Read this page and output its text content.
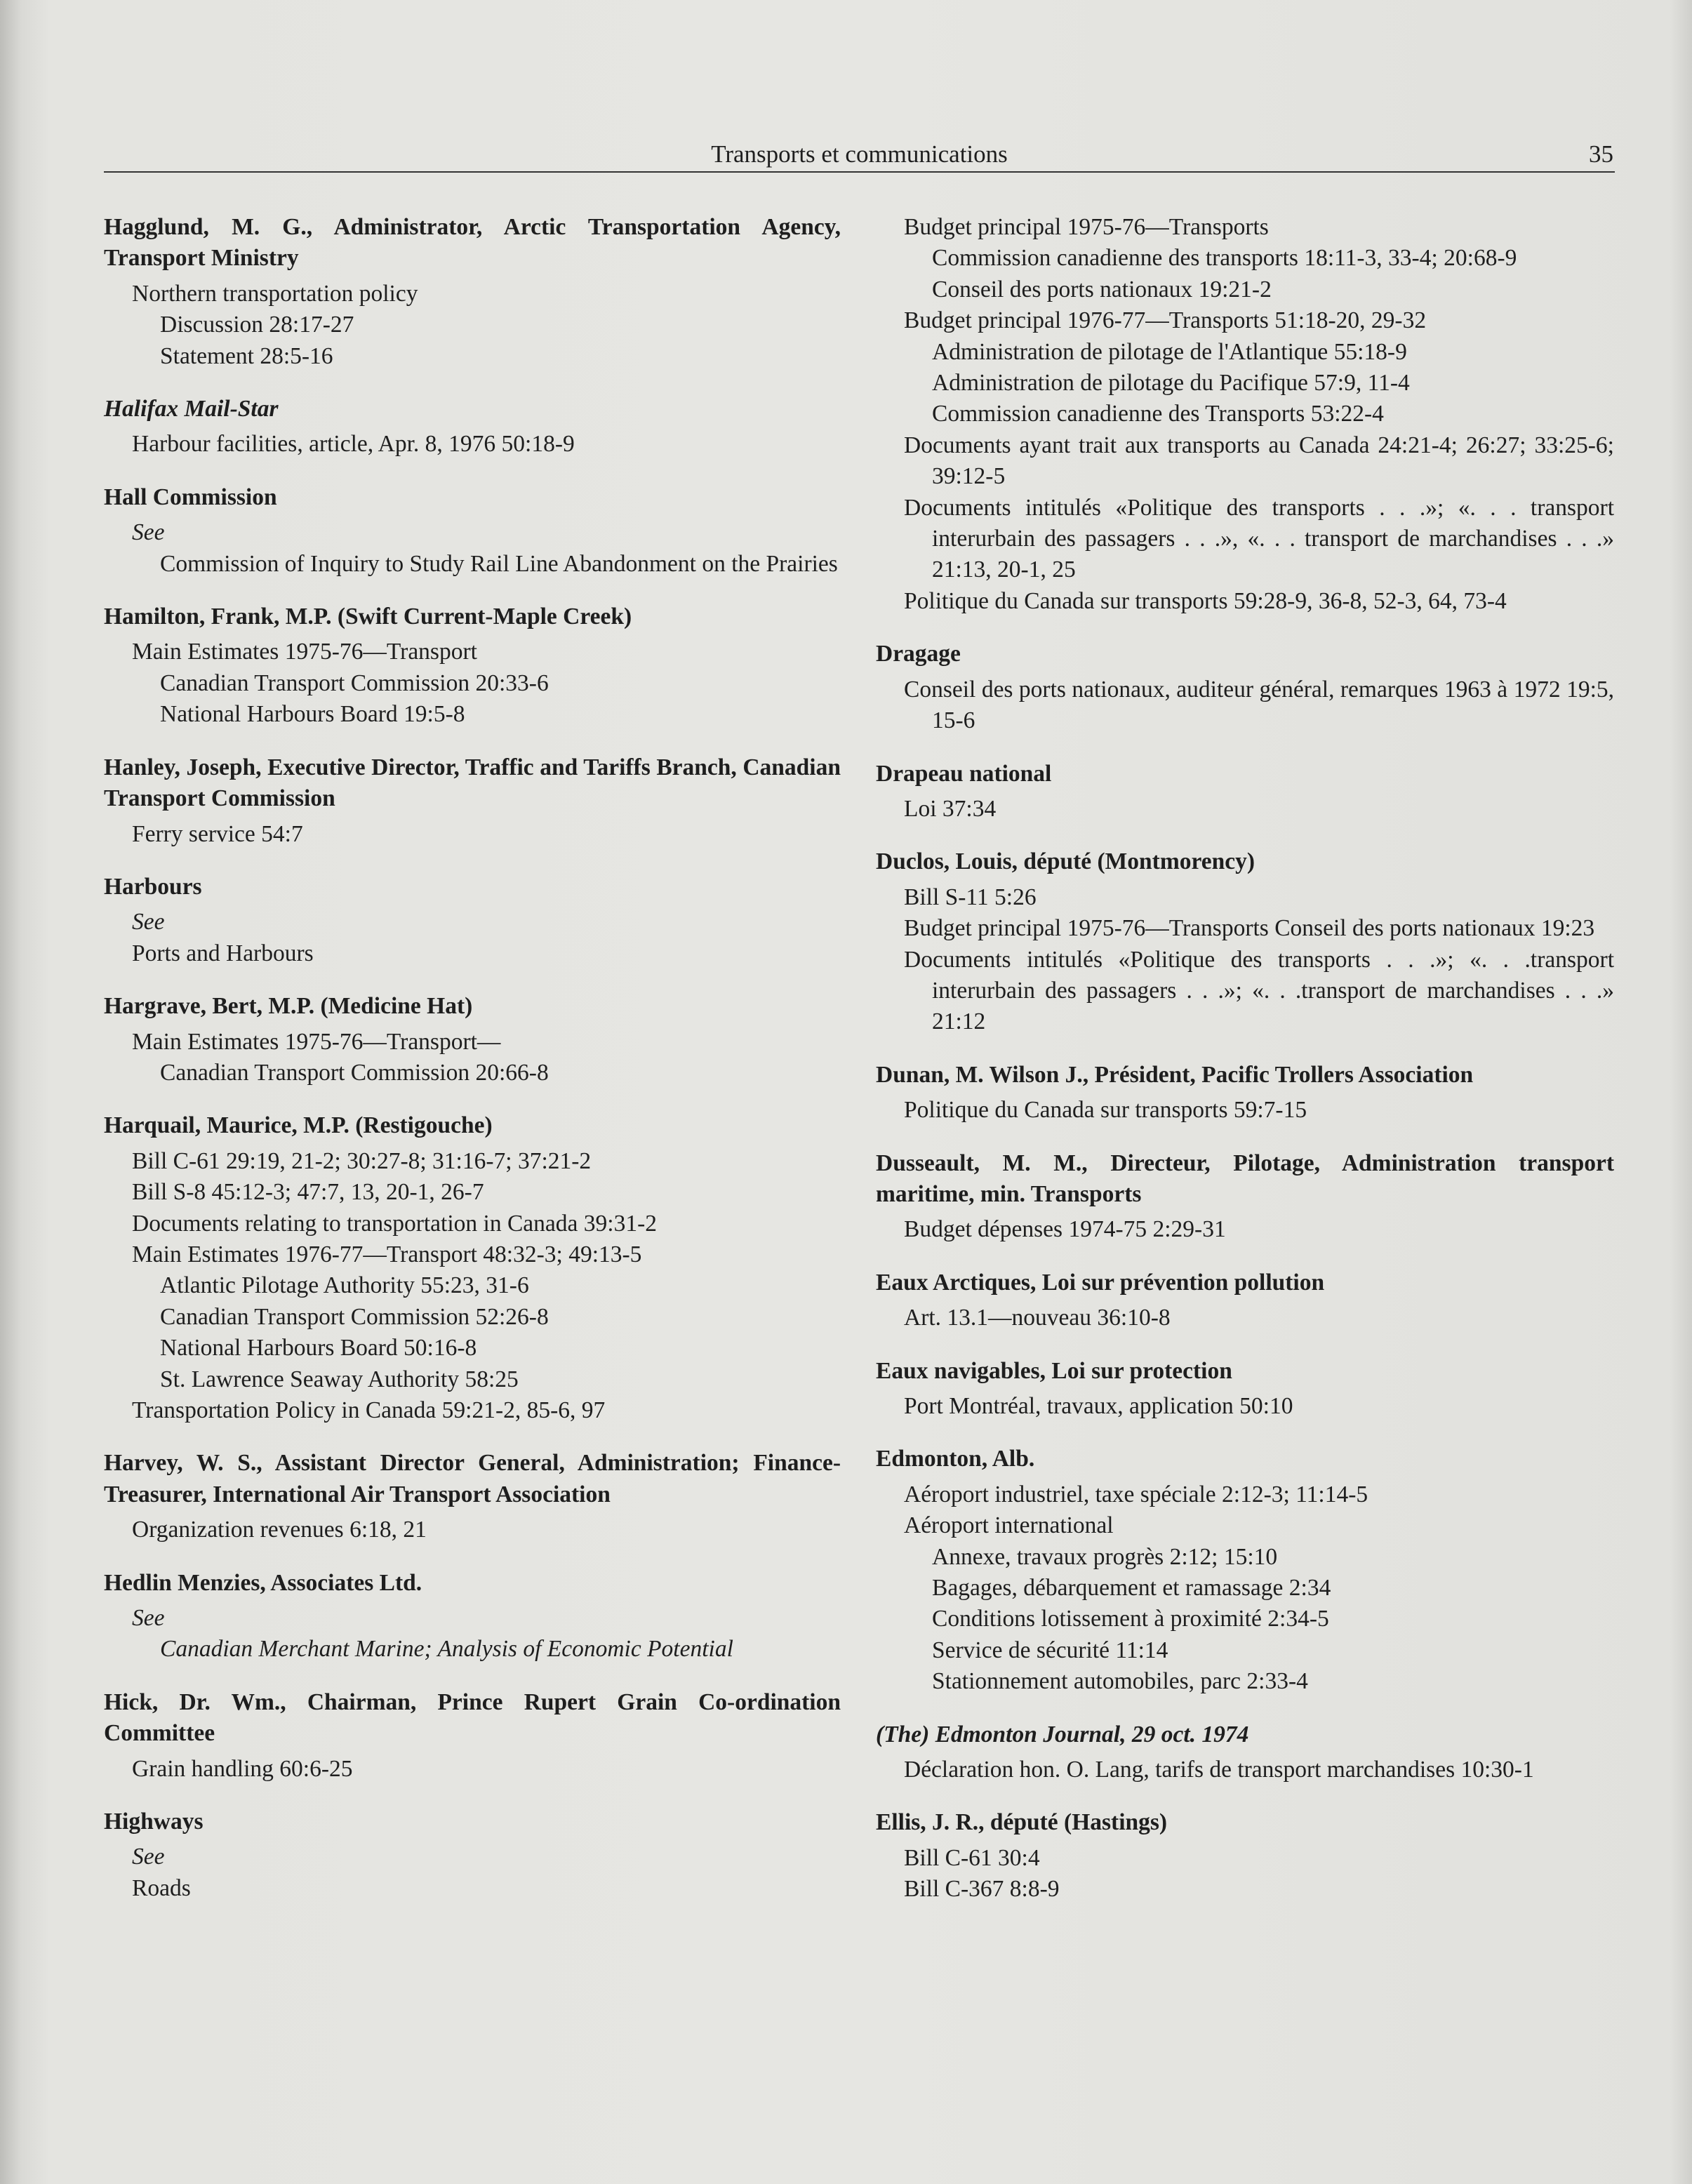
Transports et communications	35
Hagglund, M. G., Administrator, Arctic Transportation Agency, Transport Ministry
Northern transportation policy
Discussion 28:17-27
Statement 28:5-16
Halifax Mail-Star
Harbour facilities, article, Apr. 8, 1976 50:18-9
Hall Commission
See
Commission of Inquiry to Study Rail Line Abandonment on the Prairies
Hamilton, Frank, M.P. (Swift Current-Maple Creek)
Main Estimates 1975-76—Transport
Canadian Transport Commission 20:33-6
National Harbours Board 19:5-8
Hanley, Joseph, Executive Director, Traffic and Tariffs Branch, Canadian Transport Commission
Ferry service 54:7
Harbours
See
Ports and Harbours
Hargrave, Bert, M.P. (Medicine Hat)
Main Estimates 1975-76—Transport—
Canadian Transport Commission 20:66-8
Harquail, Maurice, M.P. (Restigouche)
Bill C-61 29:19, 21-2; 30:27-8; 31:16-7; 37:21-2
Bill S-8 45:12-3; 47:7, 13, 20-1, 26-7
Documents relating to transportation in Canada 39:31-2
Main Estimates 1976-77—Transport 48:32-3; 49:13-5
Atlantic Pilotage Authority 55:23, 31-6
Canadian Transport Commission 52:26-8
National Harbours Board 50:16-8
St. Lawrence Seaway Authority 58:25
Transportation Policy in Canada 59:21-2, 85-6, 97
Harvey, W. S., Assistant Director General, Administration; Finance-Treasurer, International Air Transport Association
Organization revenues 6:18, 21
Hedlin Menzies, Associates Ltd.
See
Canadian Merchant Marine; Analysis of Economic Potential
Hick, Dr. Wm., Chairman, Prince Rupert Grain Co-ordination Committee
Grain handling 60:6-25
Highways
See
Roads
Budget principal 1975-76—Transports
Commission canadienne des transports 18:11-3, 33-4; 20:68-9
Conseil des ports nationaux 19:21-2
Budget principal 1976-77—Transports 51:18-20, 29-32
Administration de pilotage de l'Atlantique 55:18-9
Administration de pilotage du Pacifique 57:9, 11-4
Commission canadienne des Transports 53:22-4
Documents ayant trait aux transports au Canada 24:21-4; 26:27; 33:25-6; 39:12-5
Documents intitulés «Politique des transports . . .»; «. . . transport interurbain des passagers . . .», «. . . transport de marchandises . . .» 21:13, 20-1, 25
Politique du Canada sur transports 59:28-9, 36-8, 52-3, 64, 73-4
Dragage
Conseil des ports nationaux, auditeur général, remarques 1963 à 1972 19:5, 15-6
Drapeau national
Loi 37:34
Duclos, Louis, député (Montmorency)
Bill S-11 5:26
Budget principal 1975-76—Transports Conseil des ports nationaux 19:23
Documents intitulés «Politique des transports . . .»; «. . .transport interurbain des passagers . . .»; «. . .transport de marchandises . . .» 21:12
Dunan, M. Wilson J., Président, Pacific Trollers Association
Politique du Canada sur transports 59:7-15
Dusseault, M. M., Directeur, Pilotage, Administration transport maritime, min. Transports
Budget dépenses 1974-75 2:29-31
Eaux Arctiques, Loi sur prévention pollution
Art. 13.1—nouveau 36:10-8
Eaux navigables, Loi sur protection
Port Montréal, travaux, application 50:10
Edmonton, Alb.
Aéroport industriel, taxe spéciale 2:12-3; 11:14-5
Aéroport international
Annexe, travaux progrès 2:12; 15:10
Bagages, débarquement et ramassage 2:34
Conditions lotissement à proximité 2:34-5
Service de sécurité 11:14
Stationnement automobiles, parc 2:33-4
(The) Edmonton Journal, 29 oct. 1974
Déclaration hon. O. Lang, tarifs de transport marchandises 10:30-1
Ellis, J. R., député (Hastings)
Bill C-61 30:4
Bill C-367 8:8-9
